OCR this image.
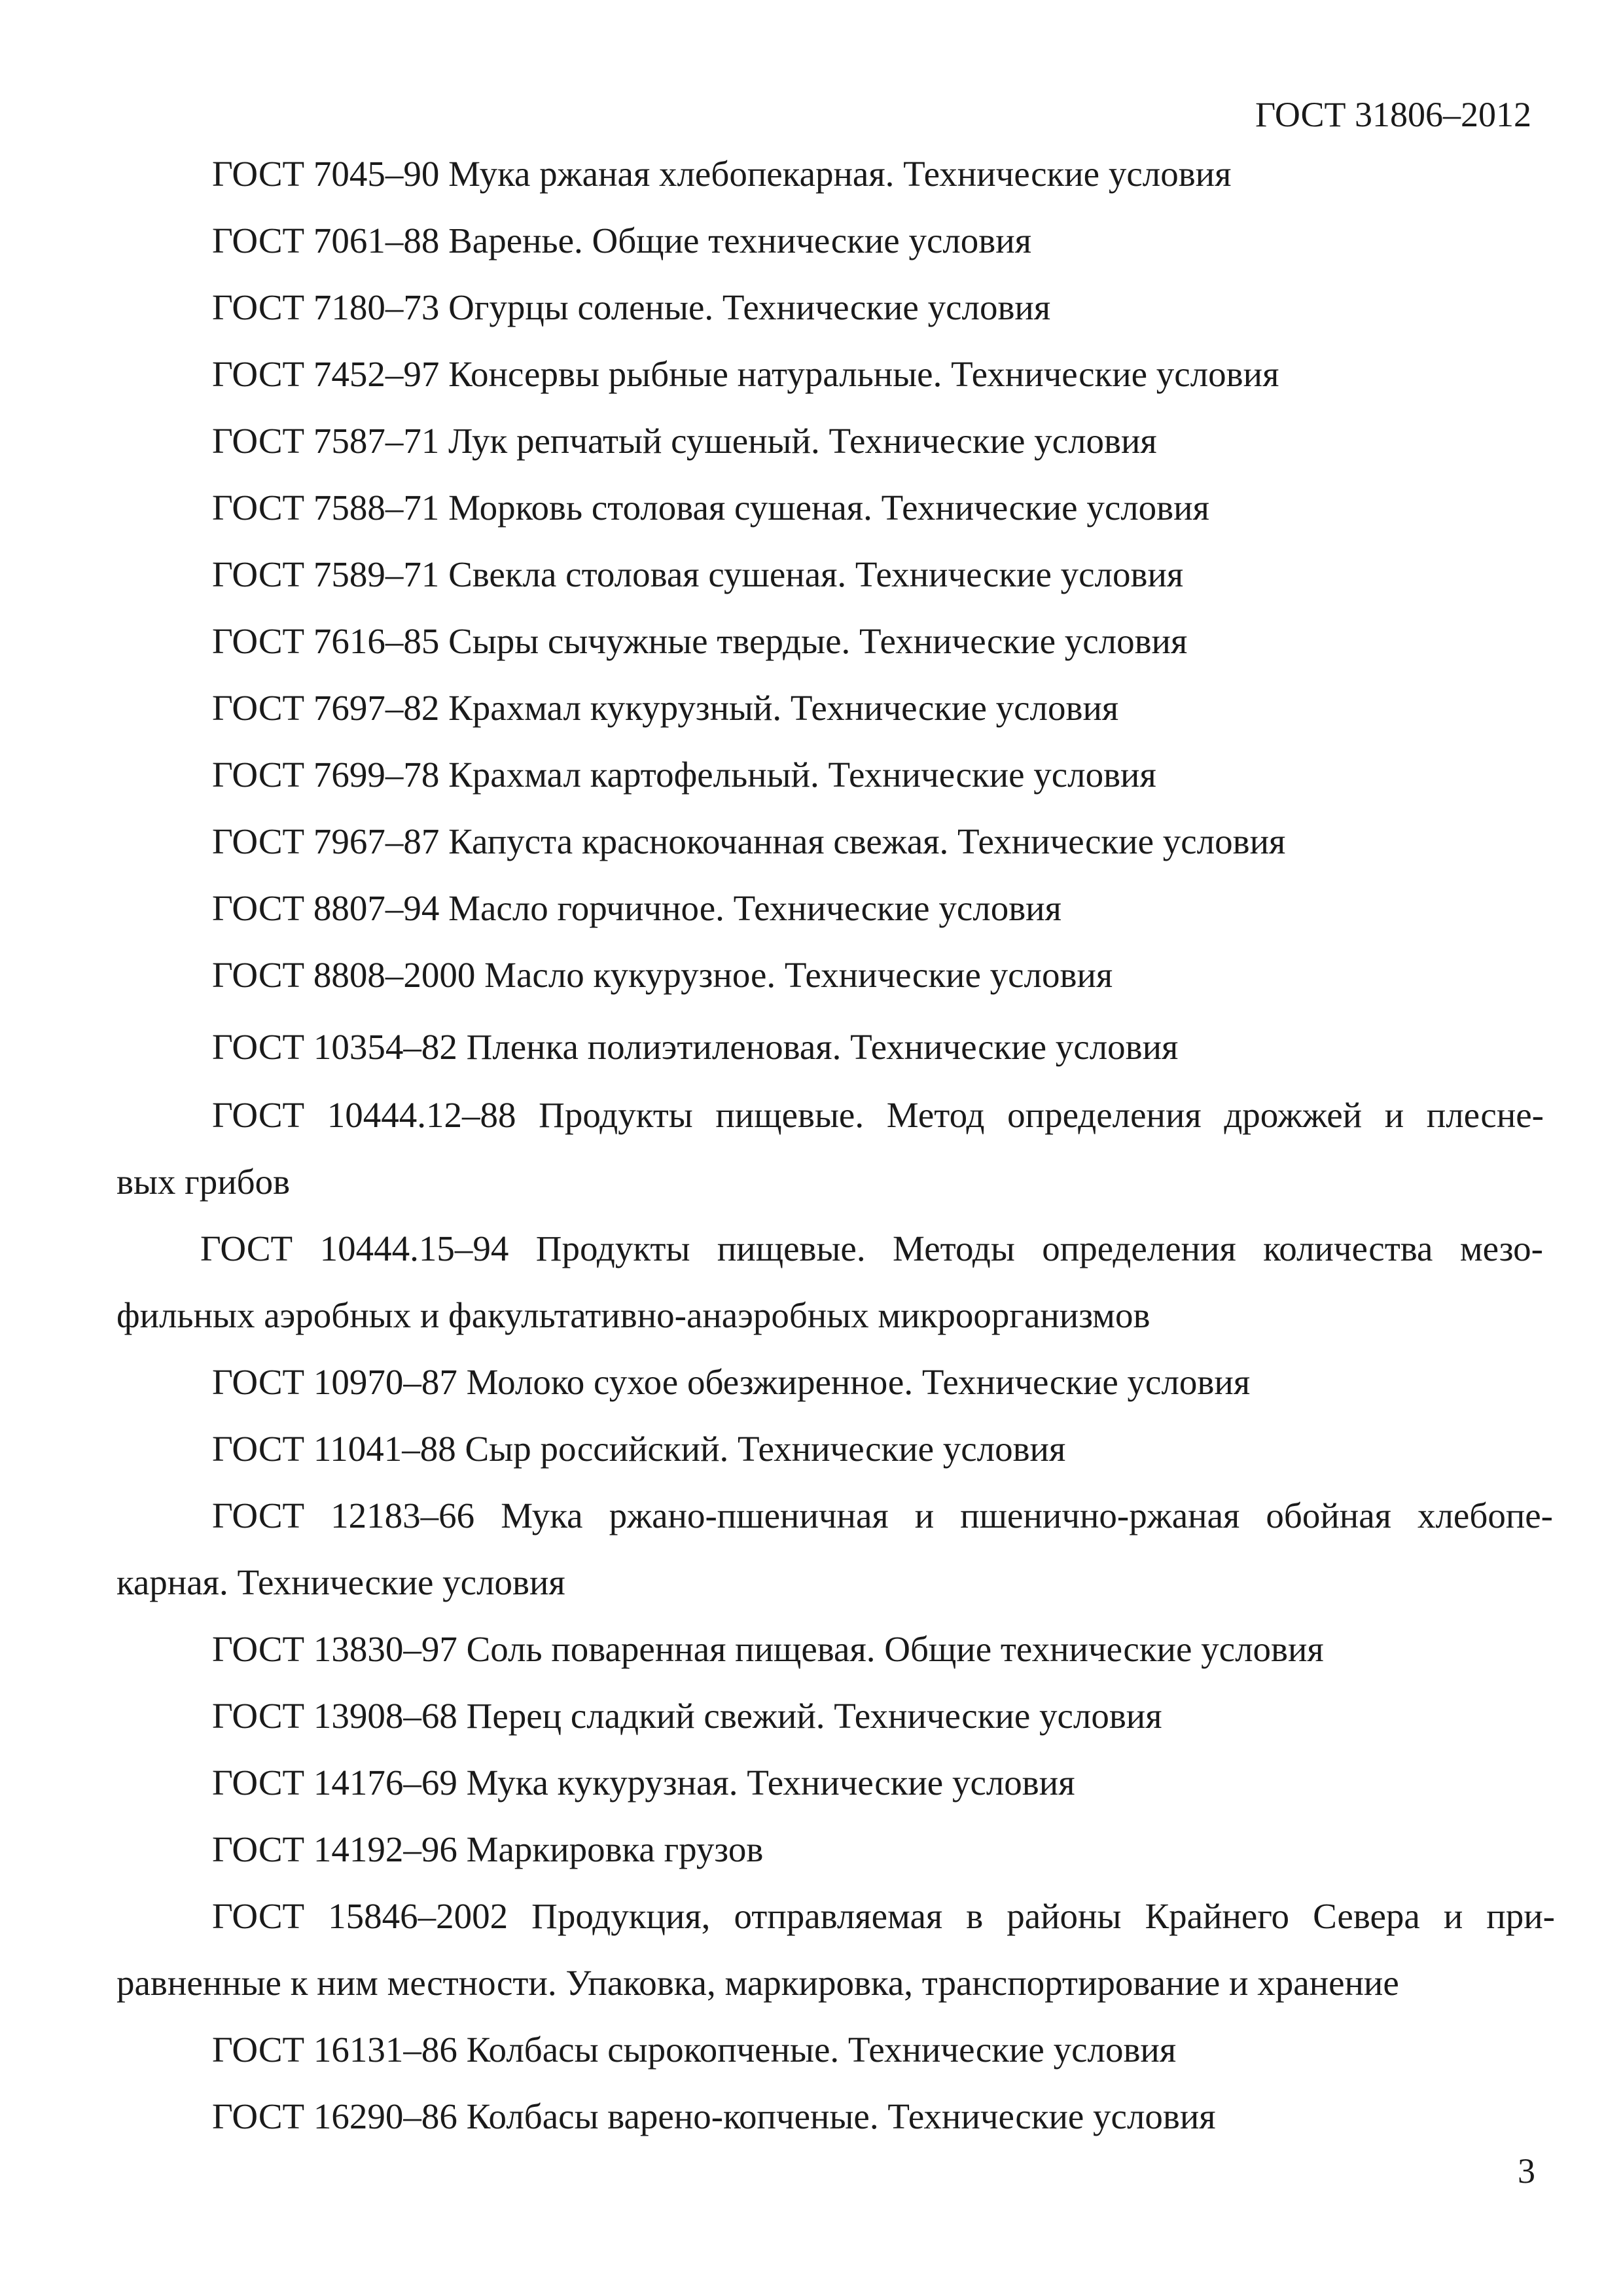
ГОСТ 31806–2012
ГОСТ 7045–90 Мука ржаная хлебопекарная. Технические условия
ГОСТ 7061–88 Варенье. Общие технические условия
ГОСТ 7180–73 Огурцы соленые. Технические условия
ГОСТ 7452–97 Консервы рыбные натуральные. Технические условия
ГОСТ 7587–71 Лук репчатый сушеный. Технические условия
ГОСТ 7588–71 Морковь столовая сушеная. Технические условия
ГОСТ 7589–71 Свекла столовая сушеная. Технические условия
ГОСТ 7616–85 Сыры сычужные твердые. Технические условия
ГОСТ 7697–82 Крахмал кукурузный. Технические условия
ГОСТ 7699–78 Крахмал картофельный. Технические условия
ГОСТ 7967–87 Капуста краснокочанная свежая. Технические условия
ГОСТ 8807–94 Масло горчичное. Технические условия
ГОСТ 8808–2000 Масло кукурузное. Технические условия
ГОСТ 10354–82 Пленка полиэтиленовая. Технические условия
ГОСТ 10444.12–88 Продукты пищевые. Метод определения дрожжей и плесне-
вых грибов
ГОСТ 10444.15–94 Продукты пищевые. Методы определения количества мезо-
фильных аэробных и факультативно-анаэробных микроорганизмов
ГОСТ 10970–87 Молоко сухое обезжиренное. Технические условия
ГОСТ 11041–88 Сыр российский. Технические условия
ГОСТ 12183–66 Мука ржано-пшеничная и пшенично-ржаная обойная хлебопе-
карная. Технические условия
ГОСТ 13830–97 Соль поваренная пищевая. Общие технические условия
ГОСТ 13908–68 Перец сладкий свежий. Технические условия
ГОСТ 14176–69 Мука кукурузная. Технические условия
ГОСТ 14192–96 Маркировка грузов
ГОСТ 15846–2002 Продукция, отправляемая в районы Крайнего Севера и при-
равненные к ним местности. Упаковка, маркировка, транспортирование и хранение
ГОСТ 16131–86 Колбасы сырокопченые. Технические условия
ГОСТ 16290–86 Колбасы варено-копченые. Технические условия
3
